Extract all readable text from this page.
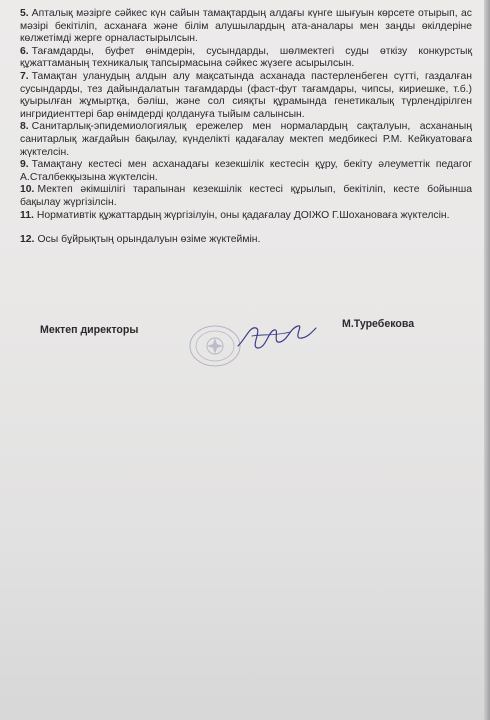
5. Апталық мәзірге сәйкес күн сайын тамақтардың алдағы күнге шығуын көрсете отырып, ас мәзірі бекітіліп, асханаға және білім алушылардың ата-аналары мен заңды өкілдеріне көлжетімді жерге орналастырылсын.

6. Тағамдарды, буфет өнімдерін, сусындарды, шөлмектегі суды өткізу конкурстық құжаттаманың техникалық тапсырмасына сәйкес жүзеге асырылсын.

7. Тамақтан уланудың алдын алу мақсатында асханада пастерленбеген сүтті, газдалған сусындарды, тез дайындалатын тағамдарды (фаст-фут тағамдары, чипсы, кириешке, т.б.) қуырылған жұмыртқа, бәліш, және сол сияқты құрамында генетикалық түрлендірілген ингридиенттері бар өнімдерді қолдануға тыйым салынсын.

8. Санитарлық-эпидемиологиялық ережелер мен нормалардың сақталуын, асхананың санитарлық жағдайын бақылау, күнделікті қадағалау мектеп медбикесі Р.М. Кейкуатоваға жүктелсін.

9. Тамақтану кестесі мен асханадағы кезекшілік кестесін құру, бекіту әлеуметтік педагог А.Сталбекқызына жүктелсін.

10. Мектеп әкімшілігі тарапынан кезекшілік кестесі құрылып, бекітіліп, кесте бойынша бақылау жүргізілсін.

11. Нормативтік құжаттардың жүргізілуін, оны қадағалау ДОІЖО Г.Шохановаға жүктелсін.

12. Осы бұйрықтың орындалуын өзіме жүктеймін.

Мектеп директоры	М.Туребекова
